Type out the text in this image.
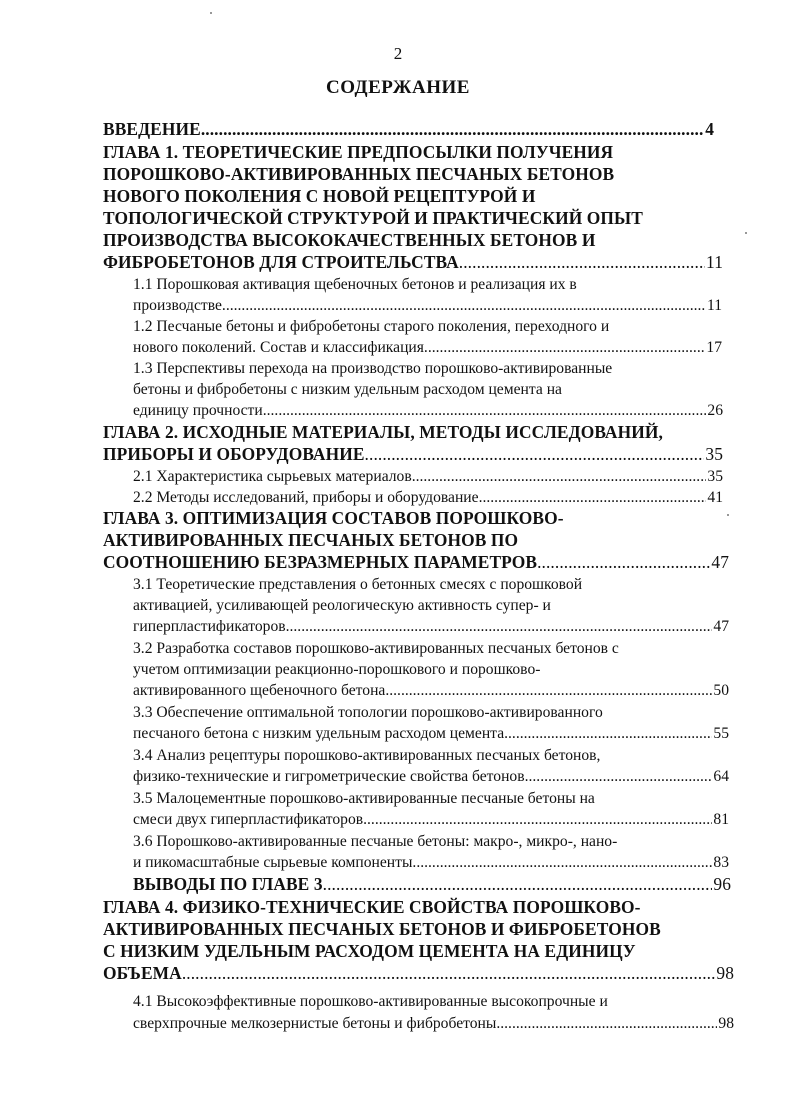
2
СОДЕРЖАНИЕ
ВВЕДЕНИЕ .....	4
ГЛАВА 1. ТЕОРЕТИЧЕСКИЕ ПРЕДПОСЫЛКИ ПОЛУЧЕНИЯ
ПОРОШКОВО-АКТИВИРОВАННЫХ ПЕСЧАНЫХ БЕТОНОВ
НОВОГО ПОКОЛЕНИЯ С НОВОЙ РЕЦЕПТУРОЙ И
ТОПОЛОГИЧЕСКОЙ СТРУКТУРОЙ И ПРАКТИЧЕСКИЙ ОПЫТ
ПРОИЗВОДСТВА ВЫСОКОКАЧЕСТВЕННЫХ БЕТОНОВ И
ФИБРОБЕТОНОВ ДЛЯ СТРОИТЕЛЬСТВА .....	11
1.1 Порошковая активация щебеночных бетонов и реализация их в
производстве .....	11
1.2 Песчаные бетоны и фибробетоны старого поколения, переходного и
нового поколений. Состав и классификация. .....	17
1.3 Перспективы перехода на производство порошково-активированные
бетоны и фибробетоны с низким удельным расходом цемента на
единицу прочности .....	26
ГЛАВА 2. ИСХОДНЫЕ МАТЕРИАЛЫ, МЕТОДЫ ИССЛЕДОВАНИЙ,
ПРИБОРЫ И ОБОРУДОВАНИЕ .....	35
2.1 Характеристика сырьевых материалов .....	35
2.2 Методы исследований, приборы и оборудование .....	41
ГЛАВА 3. ОПТИМИЗАЦИЯ СОСТАВОВ ПОРОШКОВО-
АКТИВИРОВАННЫХ ПЕСЧАНЫХ БЕТОНОВ ПО
СООТНОШЕНИЮ БЕЗРАЗМЕРНЫХ ПАРАМЕТРОВ .....	47
3.1 Теоретические представления о бетонных смесях с порошковой
активацией, усиливающей реологическую активность супер- и
гиперпластификаторов .....	47
3.2 Разработка составов порошково-активированных песчаных бетонов с
учетом оптимизации реакционно-порошкового и порошково-
активированного щебеночного бетона .....	50
3.3 Обеспечение оптимальной топологии порошково-активированного
песчаного бетона с низким удельным расходом цемента .....	55
3.4 Анализ рецептуры порошково-активированных песчаных бетонов,
физико-технические и гигрометрические свойства бетонов .....	64
3.5 Малоцементные порошково-активированные песчаные бетоны на
смеси двух гиперпластификаторов .....	81
3.6 Порошково-активированные песчаные бетоны: макро-, микро-, нано-
и пикомасштабные сырьевые компоненты .....	83
ВЫВОДЫ ПО ГЛАВЕ 3 .....	96
ГЛАВА 4. ФИЗИКО-ТЕХНИЧЕСКИЕ СВОЙСТВА ПОРОШКОВО-
АКТИВИРОВАННЫХ ПЕСЧАНЫХ БЕТОНОВ И ФИБРОБЕТОНОВ
С НИЗКИМ УДЕЛЬНЫМ РАСХОДОМ ЦЕМЕНТА НА ЕДИНИЦУ
ОБЪЕМА .....	98
4.1 Высокоэффективные порошково-активированные высокопрочные и
сверхпрочные мелкозернистые бетоны и фибробетоны .....	98
